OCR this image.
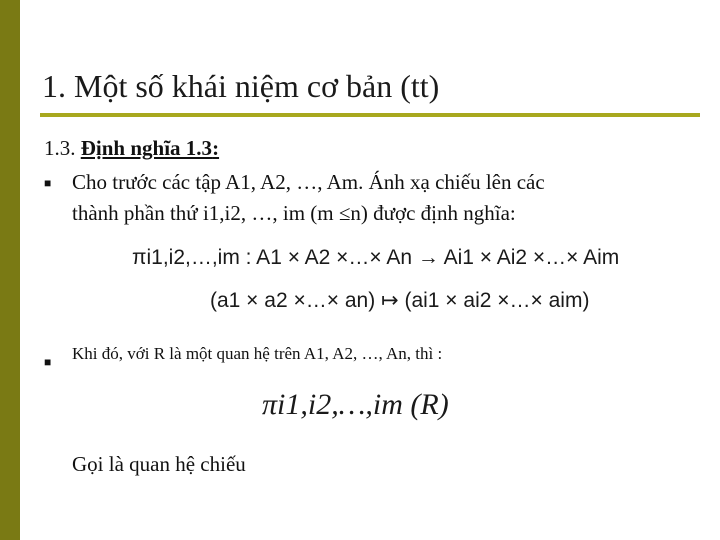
1. Một số khái niệm cơ bản (tt)
1.3. Định nghĩa 1.3:
■ Cho trước các tập A1, A2, …, Am. Ánh xạ chiếu lên các
thành phần thứ i1,i2, …, im (m ≤n) được định nghĩa:
πi1,i2,…,im : A1 × A2 ×…× An → Ai1 × Ai2 ×…× Aim
(a1 × a2 ×…× an) ↦ (ai1 × ai2 ×…× aim)
■ Khi đó, với R là một quan hệ trên A1, A2, …, An, thì :
πi1,i2,…,im (R)
Gọi là quan hệ chiếu
